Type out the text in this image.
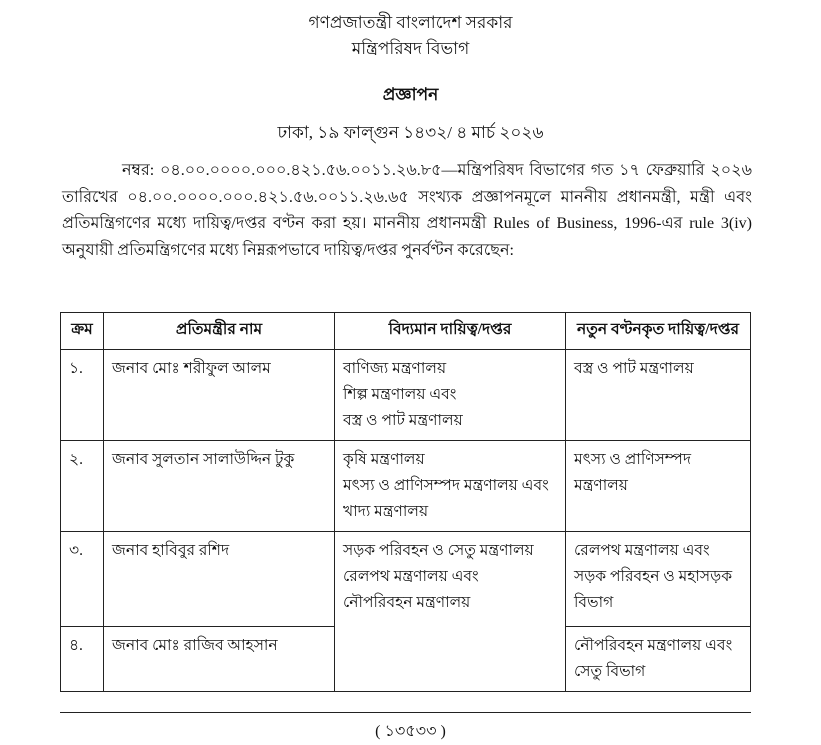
গণপ্রজাতন্ত্রী বাংলাদেশ সরকার
মন্ত্রিপরিষদ বিভাগ
প্রজ্ঞাপন
ঢাকা, ১৯ ফাল্গুন ১৪৩২/ ৪ মার্চ ২০২৬
নম্বর: ০৪.০০.০০০০.০০০.৪২১.৫৬.০০১১.২৬.৮৫—মন্ত্রিপরিষদ বিভাগের গত ১৭ ফেব্রুয়ারি ২০২৬ তারিখের ০৪.০০.০০০০.০০০.৪২১.৫৬.০০১১.২৬.৬৫ সংখ্যক প্রজ্ঞাপনমূলে মাননীয় প্রধানমন্ত্রী, মন্ত্রী এবং প্রতিমন্ত্রিগণের মধ্যে দায়িত্ব/দপ্তর বণ্টন করা হয়। মাননীয় প্রধানমন্ত্রী Rules of Business, 1996-এর rule 3(iv) অনুযায়ী প্রতিমন্ত্রিগণের মধ্যে নিম্নরূপভাবে দায়িত্ব/দপ্তর পুনর্বণ্টন করেছেন:
ক্রম	প্রতিমন্ত্রীর নাম	বিদ্যমান দায়িত্ব/দপ্তর	নতুন বণ্টনকৃত দায়িত্ব/দপ্তর
১.	জনাব মোঃ শরীফুল আলম	বাণিজ্য মন্ত্রণালয়
শিল্প মন্ত্রণালয় এবং
বস্ত্র ও পাট মন্ত্রণালয়	বস্ত্র ও পাট মন্ত্রণালয়
২.	জনাব সুলতান সালাউদ্দিন টুকু	কৃষি মন্ত্রণালয়
মৎস্য ও প্রাণিসম্পদ মন্ত্রণালয় এবং
খাদ্য মন্ত্রণালয়	মৎস্য ও প্রাণিসম্পদ মন্ত্রণালয়
৩.	জনাব হাবিবুর রশিদ	সড়ক পরিবহন ও সেতু মন্ত্রণালয়
রেলপথ মন্ত্রণালয় এবং
নৌপরিবহন মন্ত্রণালয়	রেলপথ মন্ত্রণালয় এবং সড়ক পরিবহন ও মহাসড়ক বিভাগ
৪.	জনাব মোঃ রাজিব আহসান		নৌপরিবহন মন্ত্রণালয় এবং সেতু বিভাগ
( ১৩৫৩৩ )
